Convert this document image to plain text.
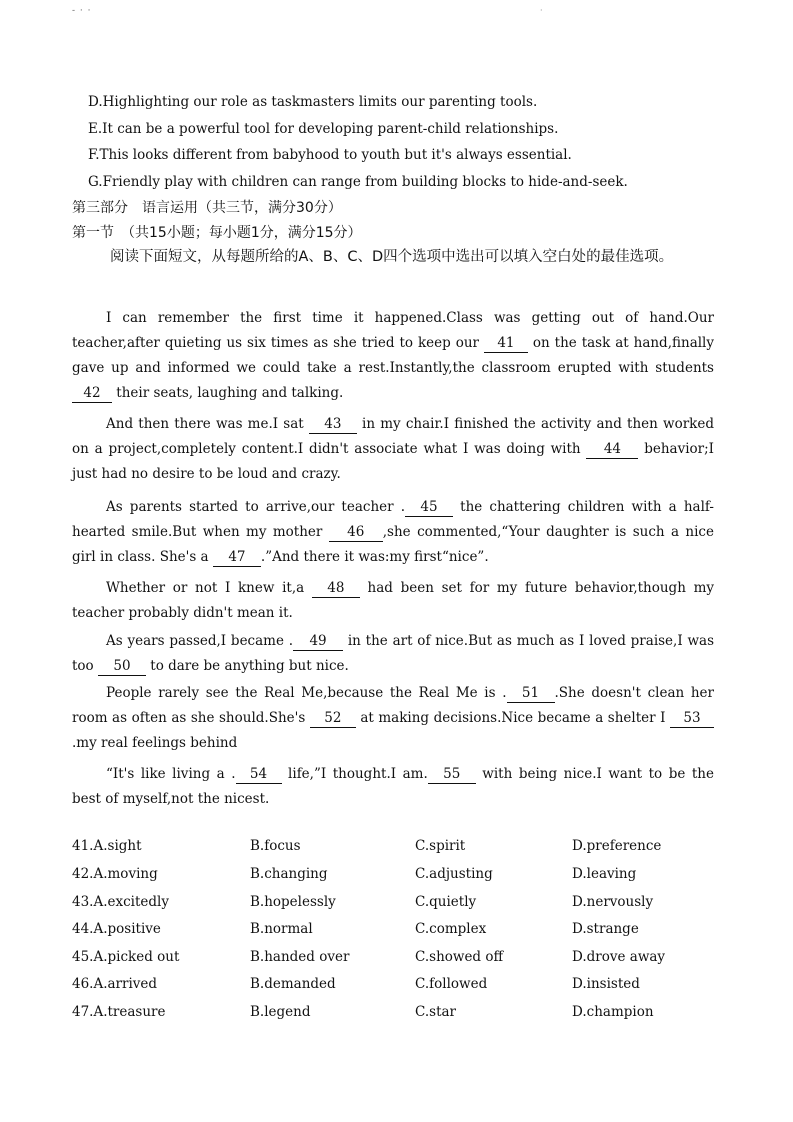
- · ·	·
D.Highlighting our role as taskmasters limits our parenting tools.
E.It can be a powerful tool for developing parent-child relationships.
F.This looks different from babyhood to youth but it's always essential.
G.Friendly play with children can range from building blocks to hide-and-seek.
第三部分　语言运用（共三节，满分30分）
第一节　（共15小题；每小题1分，满分15分）
阅读下面短文，从每题所给的A、B、C、D四个选项中选出可以填入空白处的最佳选项。

I can remember the first time it happened.Class was getting out of hand.Our teacher,after quieting us six times as she tried to keep our 41 on the task at hand,finally gave up and informed we could take a rest.Instantly,the classroom erupted with students 42 their seats, laughing and talking.

And then there was me.I sat 43 in my chair.I finished the activity and then worked on a project,completely content.I didn't associate what I was doing with 44 behavior;I just had no desire to be loud and crazy.

As parents started to arrive,our teacher . 45 the chattering children with a half-hearted smile.But when my mother 46 ,she commented,“Your daughter is such a nice girl in class. She's a 47 .”And there it was:my first“nice”.

Whether or not I knew it,a 48 had been set for my future behavior,though my teacher probably didn't mean it.

As years passed,I became . 49 in the art of nice.But as much as I loved praise,I was too 50 to dare be anything but nice.

People rarely see the Real Me,because the Real Me is . 51 .She doesn't clean her room as often as she should.She's 52 at making decisions.Nice became a shelter I 53.my real feelings behind

“It's like living a . 54 life,”I thought.I am. 55 with being nice.I want to be the best of myself,not the nicest.

41.A.sight	B.focus	C.spirit	D.preference
42.A.moving	B.changing	C.adjusting	D.leaving
43.A.excitedly	B.hopelessly	C.quietly	D.nervously
44.A.positive	B.normal	C.complex	D.strange
45.A.picked out	B.handed over	C.showed off	D.drove away
46.A.arrived	B.demanded	C.followed	D.insisted
47.A.treasure	B.legend	C.star	D.champion
